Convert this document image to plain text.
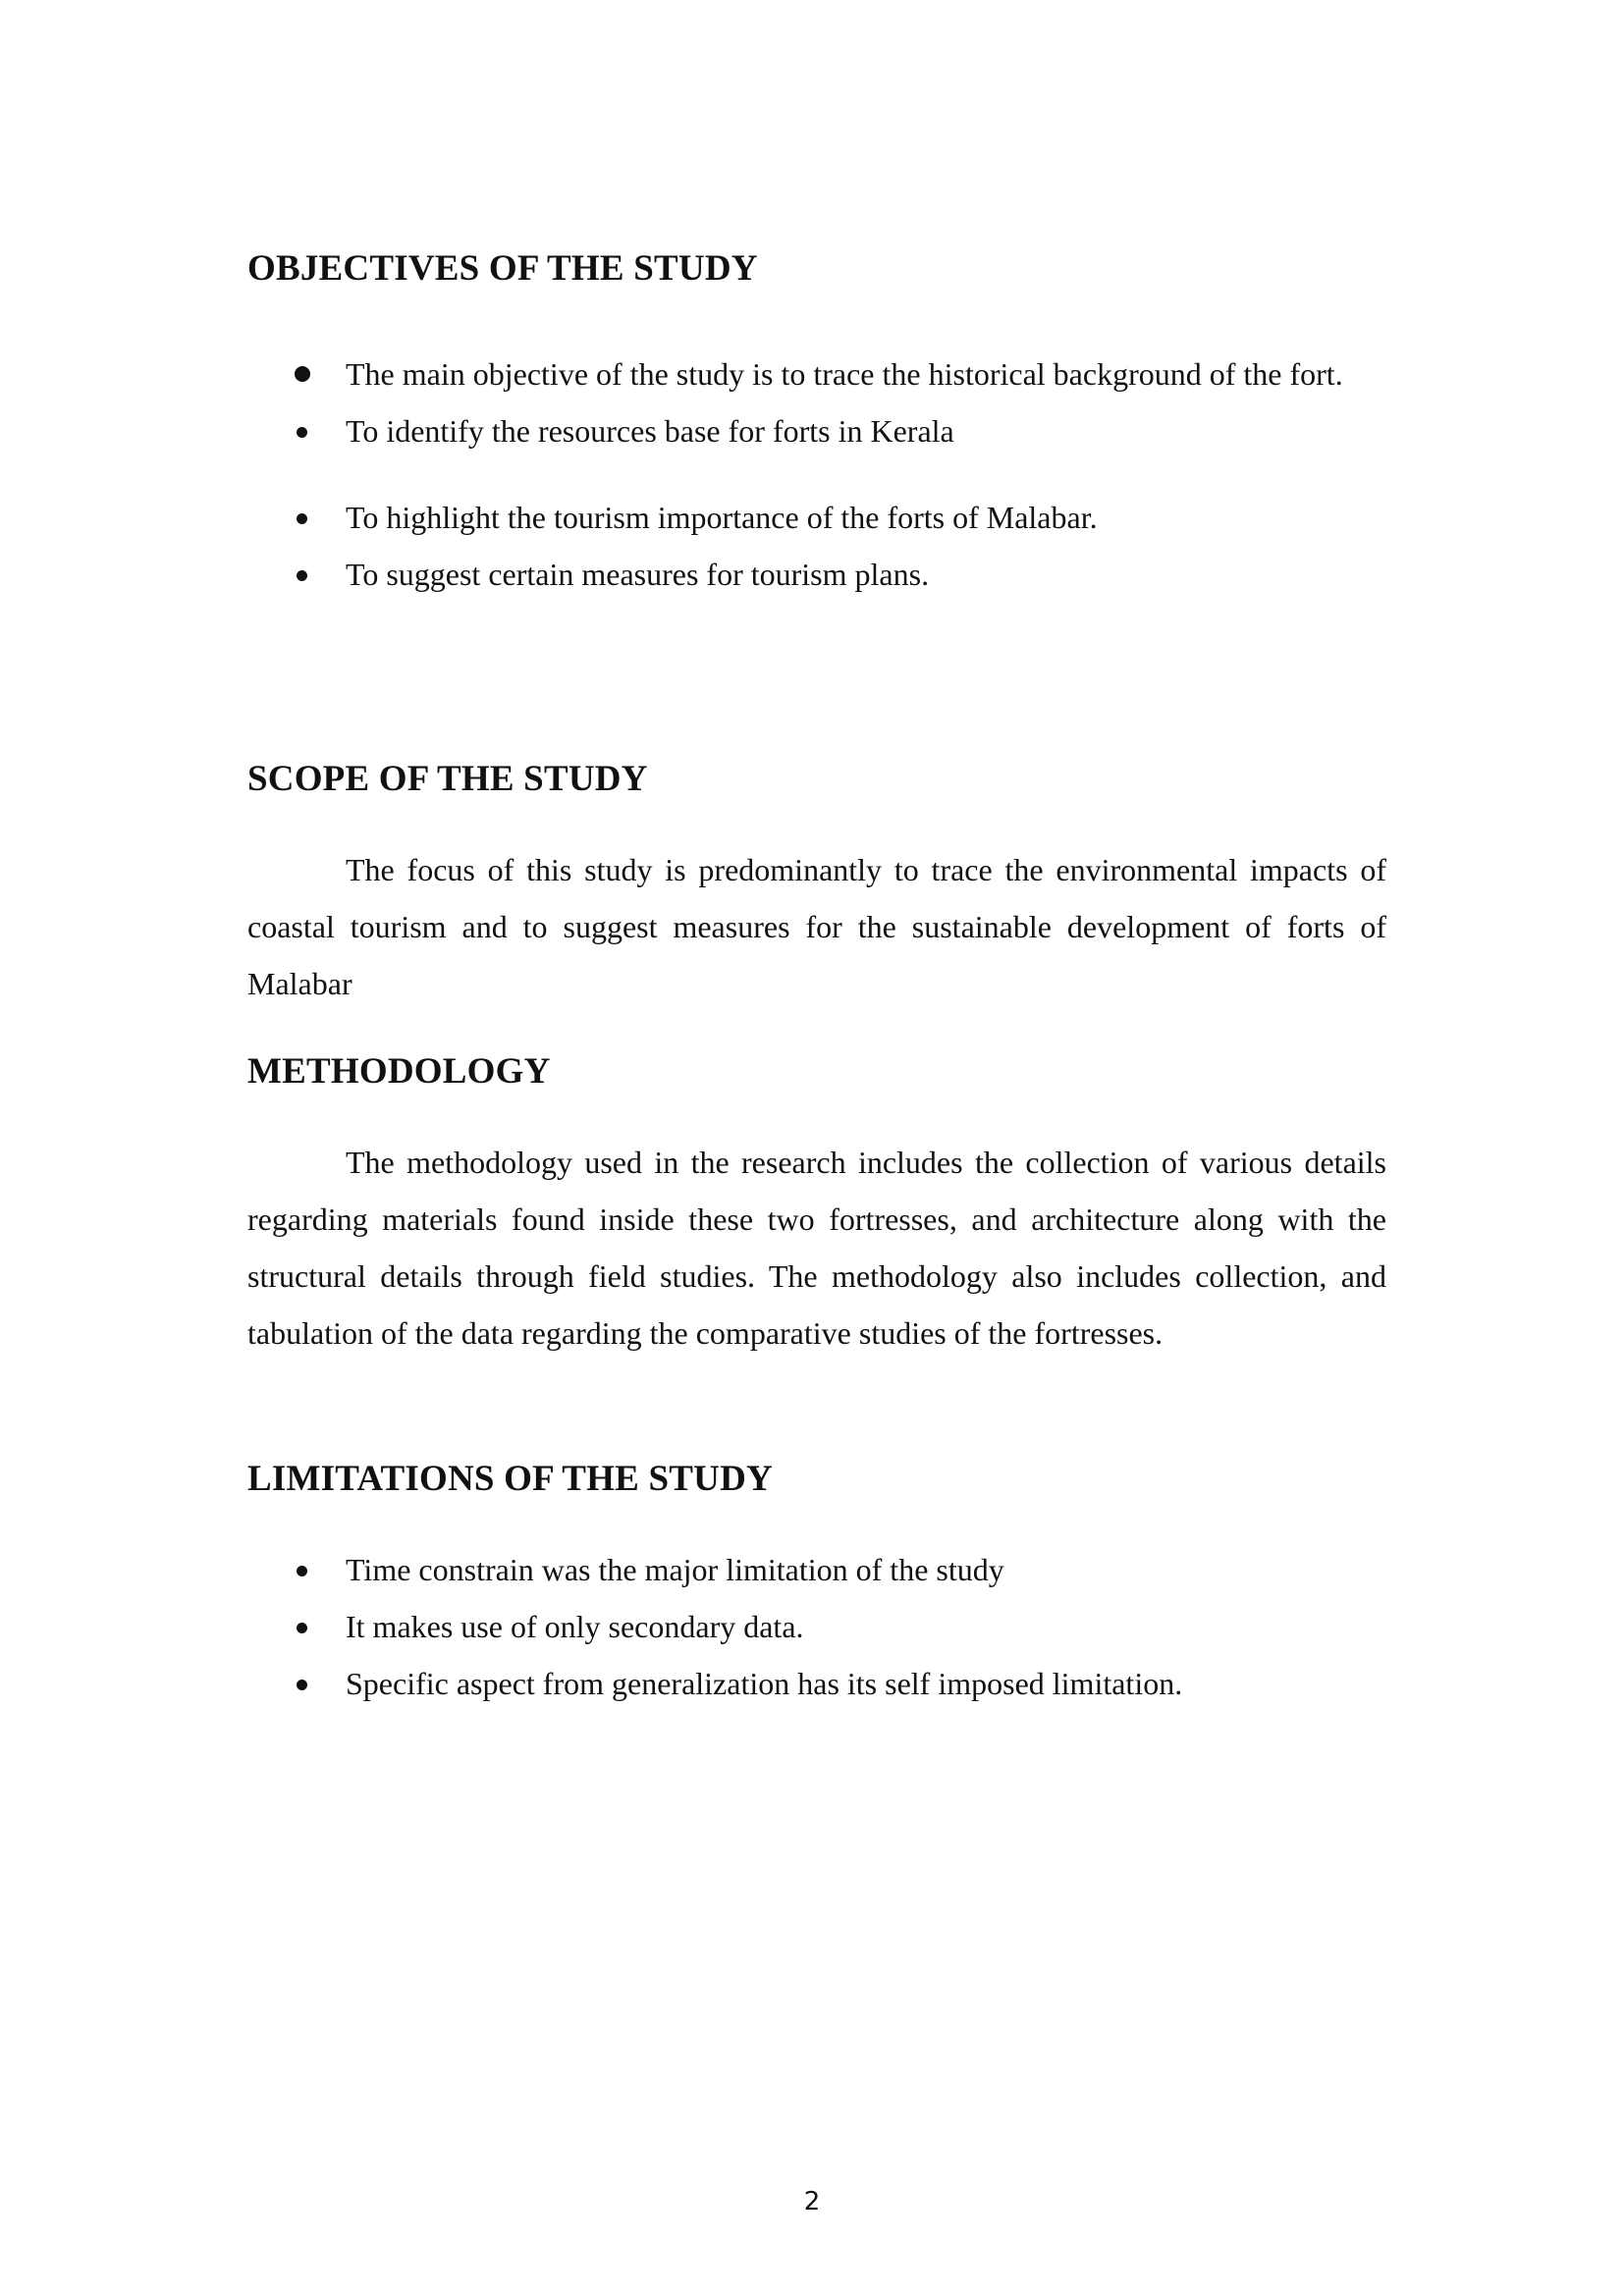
OBJECTIVES OF THE STUDY
The main objective of the study is to trace the historical background of the fort.
To identify the resources base for forts in Kerala
To highlight the tourism importance of the forts of Malabar.
To suggest certain measures for tourism plans.
SCOPE OF THE STUDY

The focus of this study is predominantly to trace the environmental impacts of coastal tourism and to suggest measures for the sustainable development of forts of Malabar

METHODOLOGY

The methodology used in the research includes the collection of various details regarding materials found inside these two fortresses, and architecture along with the structural details through field studies. The methodology also includes collection, and tabulation of the data regarding the comparative studies of the fortresses.

LIMITATIONS OF THE STUDY
Time constrain was the major limitation of the study
It makes use of only secondary data.
Specific aspect from generalization has its self imposed limitation.
2
